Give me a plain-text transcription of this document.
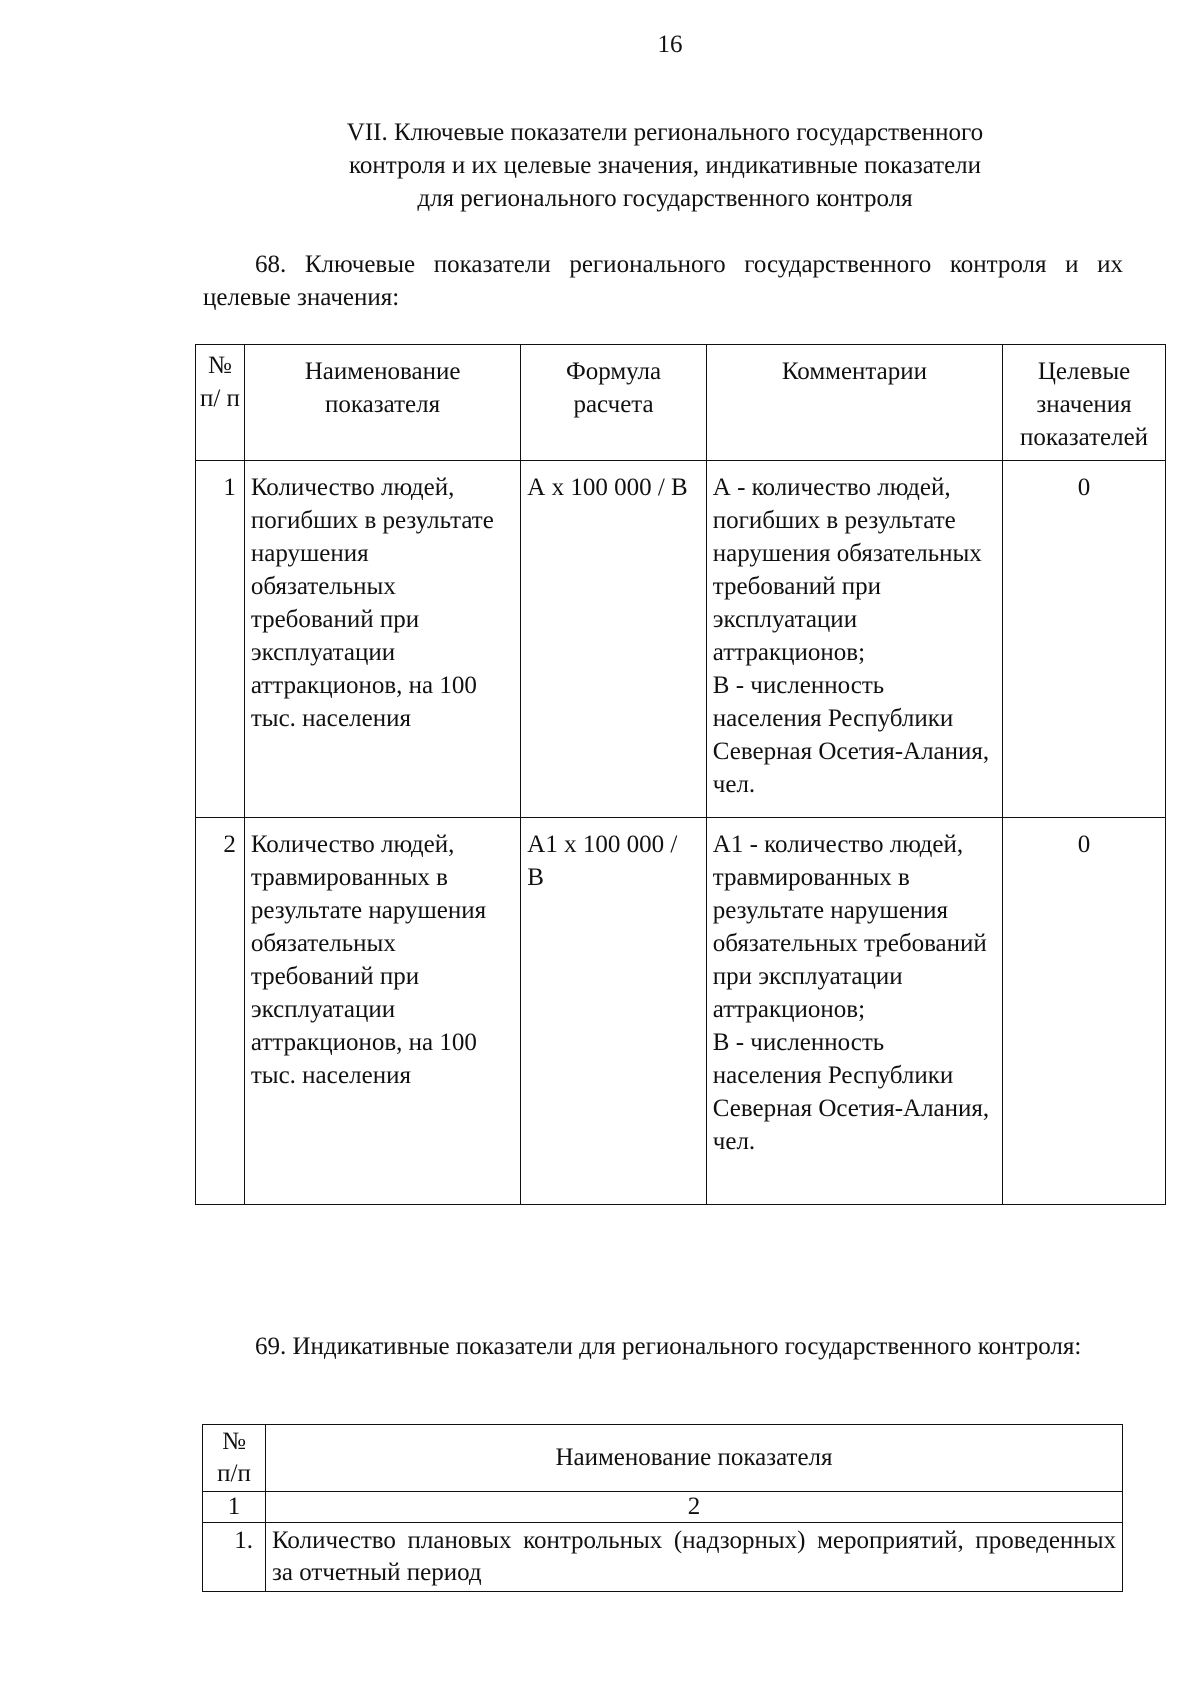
16
VII. Ключевые показатели регионального государственного
контроля и их целевые значения, индикативные показатели
для регионального государственного контроля
68. Ключевые показатели регионального государственного контроля и их целевые значения:
№ п/ п	Наименование показателя	Формула расчета	Комментарии	Целевые значения показателей
1	Количество людей, погибших в результате нарушения обязательных требований при эксплуатации аттракционов, на 100 тыс. населения	А х 100 000 / В	А - количество людей, погибших в результате нарушения обязательных требований при эксплуатации аттракционов;
В - численность населения Республики Северная Осетия-Алания, чел.	0
2	Количество людей, травмированных в результате нарушения обязательных требований при эксплуатации аттракционов, на 100 тыс. населения	А1 х 100 000 / В	А1 - количество людей, травмированных в результате нарушения обязательных требований при эксплуатации аттракционов;
В - численность населения Республики Северная Осетия-Алания, чел.	0
69. Индикативные показатели для регионального государственного контроля:
№ п/п	Наименование показателя
1	2
1.	Количество плановых контрольных (надзорных) мероприятий, проведенных за отчетный период
